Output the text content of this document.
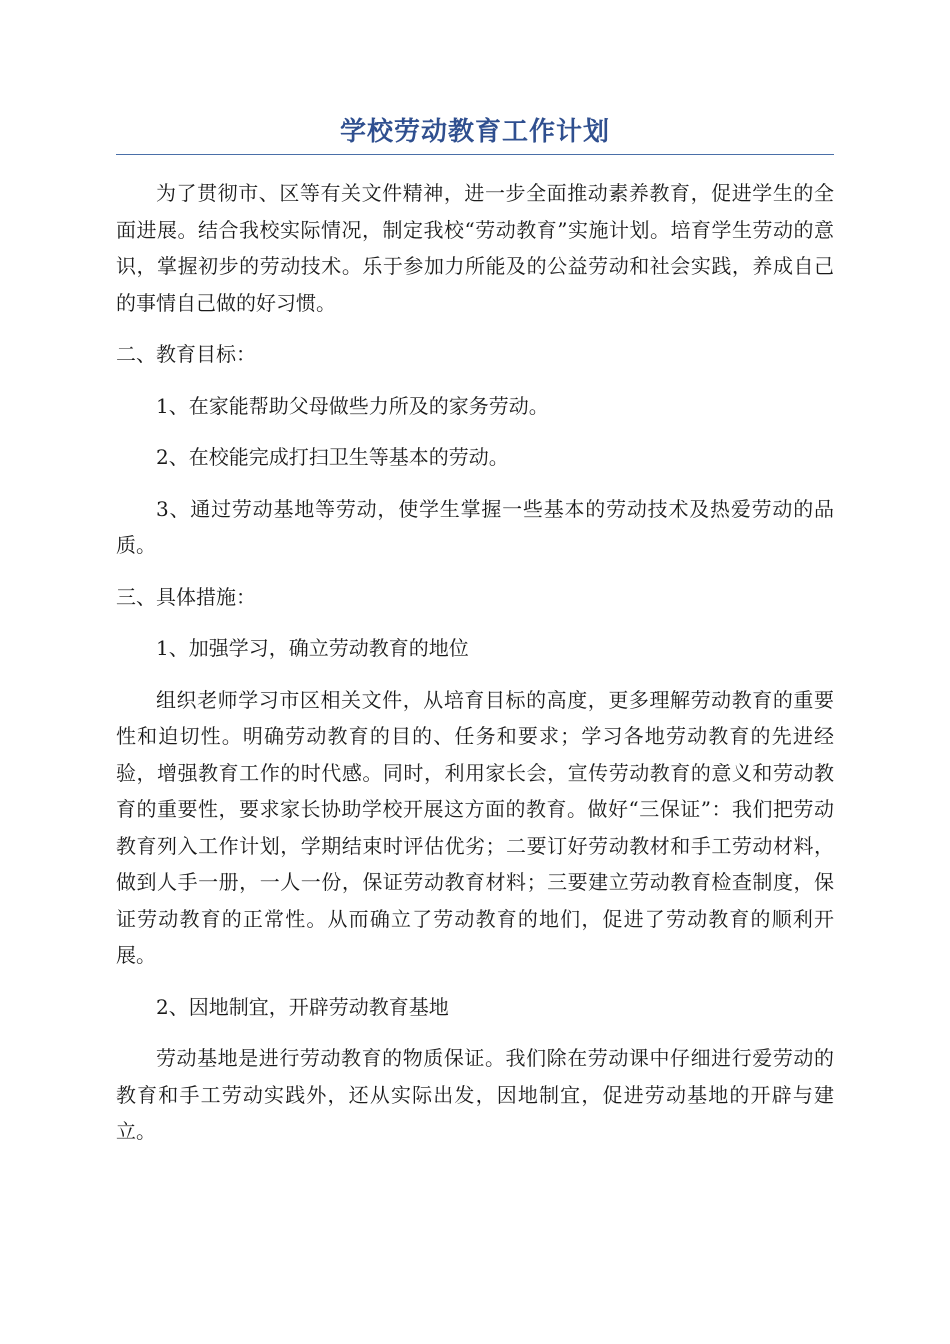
学校劳动教育工作计划

为了贯彻市、区等有关文件精神，进一步全面推动素养教育，促进学生的全面进展。结合我校实际情况，制定我校“劳动教育”实施计划。培育学生劳动的意识，掌握初步的劳动技术。乐于参加力所能及的公益劳动和社会实践，养成自己的事情自己做的好习惯。

二、教育目标：

1、在家能帮助父母做些力所及的家务劳动。

2、在校能完成打扫卫生等基本的劳动。

3、通过劳动基地等劳动，使学生掌握一些基本的劳动技术及热爱劳动的品质。

三、具体措施：

1、加强学习，确立劳动教育的地位

组织老师学习市区相关文件，从培育目标的高度，更多理解劳动教育的重要性和迫切性。明确劳动教育的目的、任务和要求；学习各地劳动教育的先进经验，增强教育工作的时代感。同时，利用家长会，宣传劳动教育的意义和劳动教育的重要性，要求家长协助学校开展这方面的教育。做好“三保证”：我们把劳动教育列入工作计划，学期结束时评估优劣；二要订好劳动教材和手工劳动材料，做到人手一册，一人一份，保证劳动教育材料；三要建立劳动教育检查制度，保证劳动教育的正常性。从而确立了劳动教育的地们，促进了劳动教育的顺利开展。

2、因地制宜，开辟劳动教育基地

劳动基地是进行劳动教育的物质保证。我们除在劳动课中仔细进行爱劳动的教育和手工劳动实践外，还从实际出发，因地制宜，促进劳动基地的开辟与建立。
